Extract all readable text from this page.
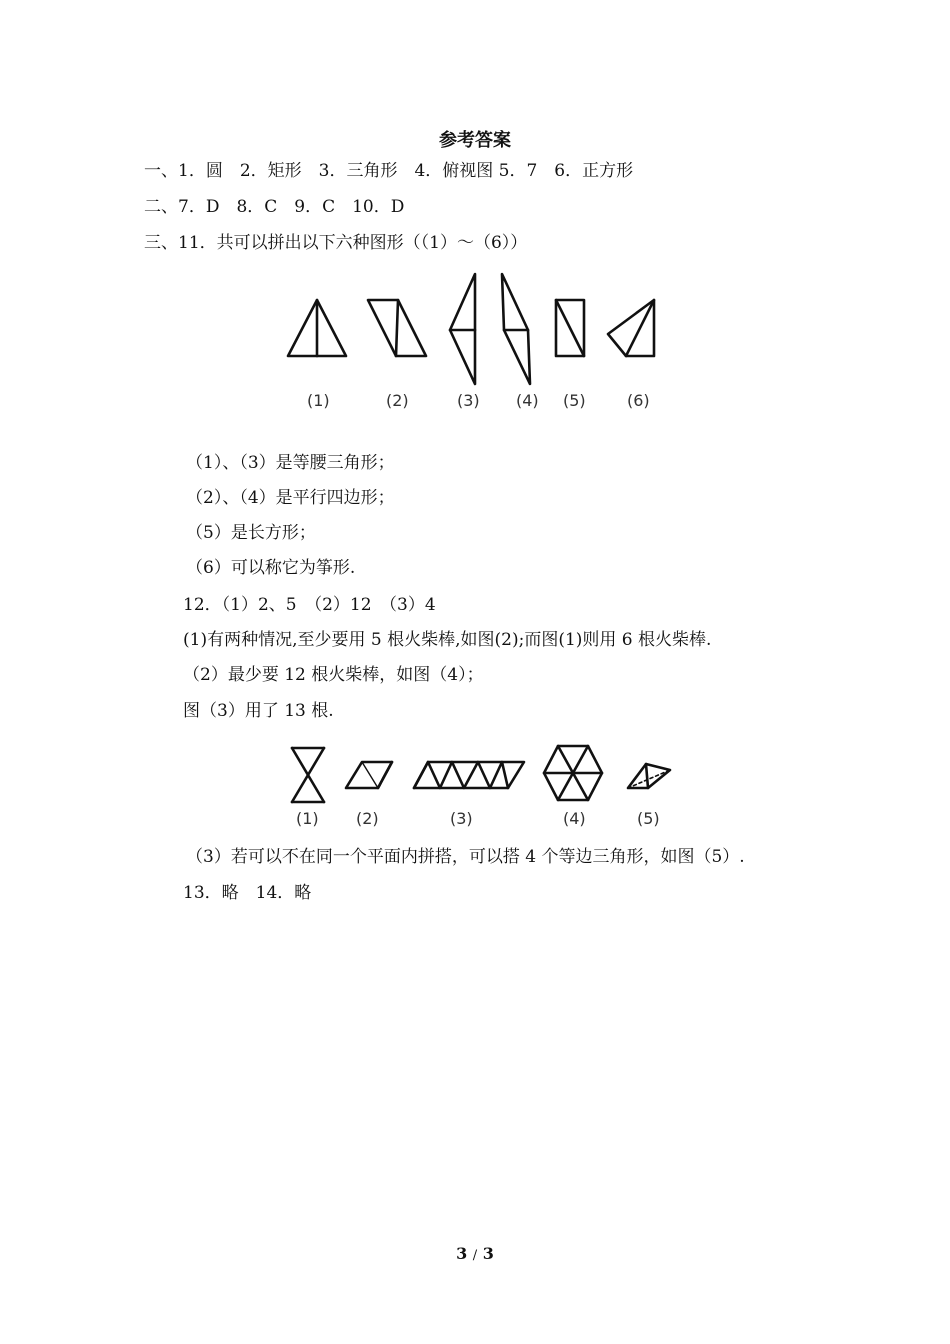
参考答案
一、1．圆　2．矩形　3．三角形　4．俯视图 5．7　6．正方形
二、7．D　8．C　9．C　10．D
三、11．共可以拼出以下六种图形（（1）～（6））
(1)	(2)	(3) (4) (5)	(6)
（1）、（3）是等腰三角形；
（2）、（4）是平行四边形；
（5）是长方形；
（6）可以称它为筝形.
12．（1）2、5　（2）12　（3）4
(1)有两种情况,至少要用 5 根火柴棒,如图(2);而图(1)则用 6 根火柴棒.
（2）最少要 12 根火柴棒，如图（4）；
图（3）用了 13 根.
(1) (2)	(3)	(4)	(5)
（3）若可以不在同一个平面内拼搭，可以搭 4 个等边三角形，如图（5）.
13．略　14．略
3 / 3
